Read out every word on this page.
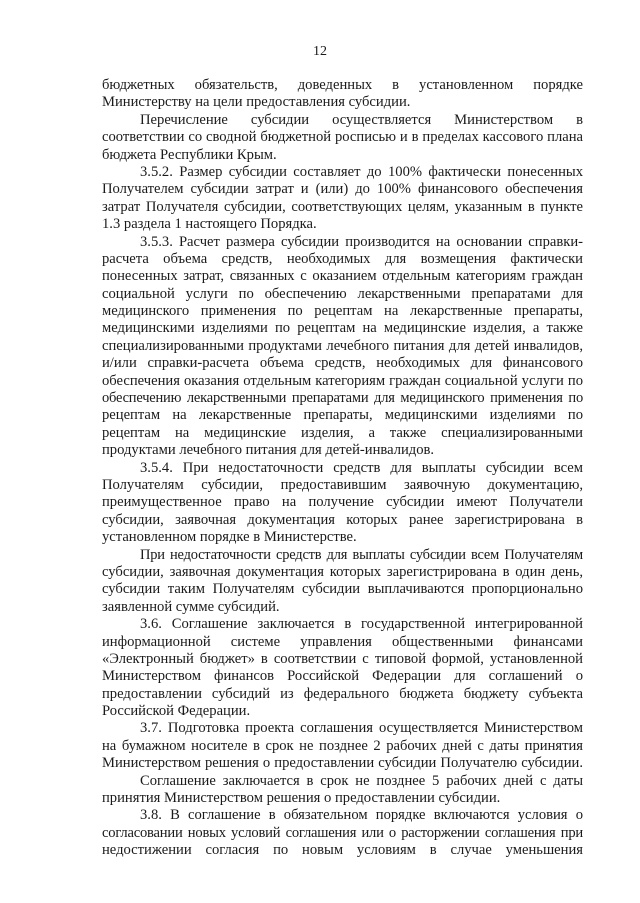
12
бюджетных обязательств, доведенных в установленном порядке
Министерству на цели предоставления субсидии.
Перечисление субсидии осуществляется Министерством в
соответствии со сводной бюджетной росписью и в пределах кассового плана
бюджета Республики Крым.
3.5.2. Размер субсидии составляет до 100% фактически понесенных
Получателем субсидии затрат и (или) до 100% финансового обеспечения
затрат Получателя субсидии, соответствующих целям, указанным в пункте
1.3 раздела 1 настоящего Порядка.
3.5.3. Расчет размера субсидии производится на основании справки-
расчета объема средств, необходимых для возмещения фактически
понесенных затрат, связанных с оказанием отдельным категориям граждан
социальной услуги по обеспечению лекарственными препаратами для
медицинского применения по рецептам на лекарственные препараты,
медицинскими изделиями по рецептам на медицинские изделия, а также
специализированными продуктами лечебного питания для детей инвалидов,
и/или справки-расчета объема средств, необходимых для финансового
обеспечения оказания отдельным категориям граждан социальной услуги по
обеспечению лекарственными препаратами для медицинского применения по
рецептам на лекарственные препараты, медицинскими изделиями по
рецептам на медицинские изделия, а также специализированными
продуктами лечебного питания для детей-инвалидов.
3.5.4. При недостаточности средств для выплаты субсидии всем
Получателям субсидии, предоставившим заявочную документацию,
преимущественное право на получение субсидии имеют Получатели
субсидии, заявочная документация которых ранее зарегистрирована в
установленном порядке в Министерстве.
При недостаточности средств для выплаты субсидии всем Получателям
субсидии, заявочная документация которых зарегистрирована в один день,
субсидии таким Получателям субсидии выплачиваются пропорционально
заявленной сумме субсидий.
3.6. Соглашение заключается в государственной интегрированной
информационной системе управления общественными финансами
«Электронный бюджет» в соответствии с типовой формой, установленной
Министерством финансов Российской Федерации для соглашений о
предоставлении субсидий из федерального бюджета бюджету субъекта
Российской Федерации.
3.7. Подготовка проекта соглашения осуществляется Министерством
на бумажном носителе в срок не позднее 2 рабочих дней с даты принятия
Министерством решения о предоставлении субсидии Получателю субсидии.
Соглашение заключается в срок не позднее 5 рабочих дней с даты
принятия Министерством решения о предоставлении субсидии.
3.8. В соглашение в обязательном порядке включаются условия о
согласовании новых условий соглашения или о расторжении соглашения при
недостижении согласия по новым условиям в случае уменьшения
